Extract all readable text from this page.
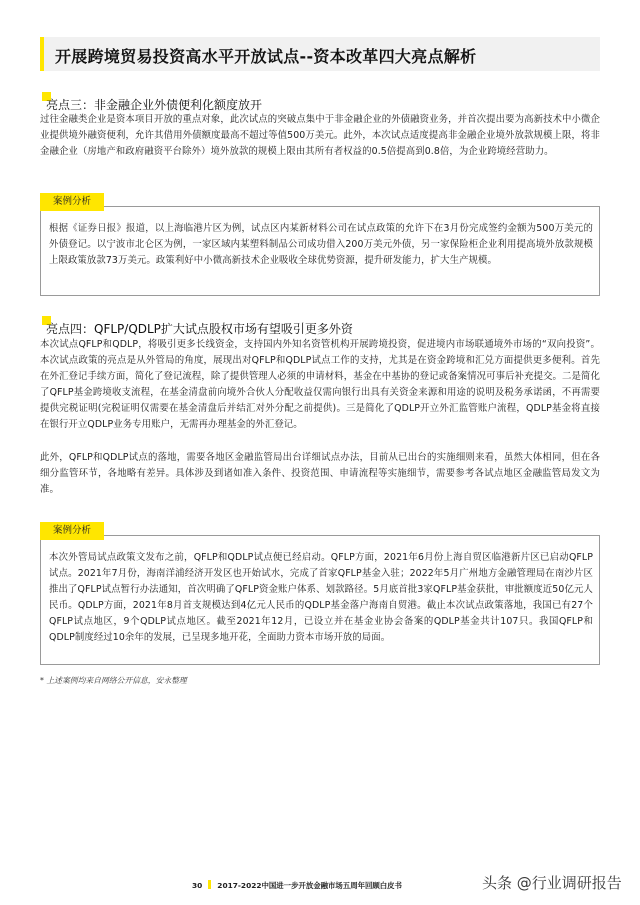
开展跨境贸易投资高水平开放试点--资本改革四大亮点解析
亮点三：非金融企业外债便利化额度放开

过往金融类企业是资本项目开放的重点对象，此次试点的突破点集中于非金融企业的外债融资业务，并首次提出要为高新技术中小微企业提供境外融资便利，允许其借用外债额度最高不超过等值500万美元。此外，本次试点适度提高非金融企业境外放款规模上限，将非金融企业（房地产和政府融资平台除外）境外放款的规模上限由其所有者权益的0.5倍提高到0.8倍，为企业跨境经营助力。

案例分析

根据《证券日报》报道，以上海临港片区为例，试点区内某新材料公司在试点政策的允许下在3月份完成签约金额为500万美元的外债登记。以宁波市北仑区为例，一家区域内某塑料制品公司成功借入200万美元外债，另一家保险柜企业利用提高境外放款规模上限政策放款73万美元。政策利好中小微高新技术企业吸收全球优势资源，提升研发能力，扩大生产规模。

亮点四：QFLP/QDLP扩大试点股权市场有望吸引更多外资

本次试点QFLP和QDLP，将吸引更多长线资金，支持国内外知名资管机构开展跨境投资，促进境内市场联通境外市场的“双向投资”。本次试点政策的亮点是从外管局的角度，展现出对QFLP和QDLP试点工作的支持，尤其是在资金跨境和汇兑方面提供更多便利。首先在外汇登记手续方面，简化了登记流程，除了提供管理人必须的申请材料，基金在中基协的登记或备案情况可事后补充提交。二是简化了QFLP基金跨境收支流程，在基金清盘前向境外合伙人分配收益仅需向银行出具有关资金来源和用途的说明及税务承诺函，不再需要提供完税证明(完税证明仅需要在基金清盘后并结汇对外分配之前提供)。三是简化了QDLP开立外汇监管账户流程，QDLP基金将直接在银行开立QDLP业务专用账户，无需再办理基金的外汇登记。

此外，QFLP和QDLP试点的落地，需要各地区金融监管局出台详细试点办法，目前从已出台的实施细则来看，虽然大体相同，但在各细分监管环节，各地略有差异。具体涉及到诸如准入条件、投资范围、申请流程等实施细节，需要参考各试点地区金融监管局发文为准。

案例分析

本次外管局试点政策文发布之前，QFLP和QDLP试点便已经启动。QFLP方面，2021年6月份上海自贸区临港新片区已启动QFLP试点。2021年7月份，海南洋浦经济开发区也开始试水，完成了首家QFLP基金入驻；2022年5月广州地方金融管理局在南沙片区推出了QFLP试点暂行办法通知，首次明确了QFLP资金账户体系、划款路径。5月底首批3家QFLP基金获批，审批额度近50亿元人民币。QDLP方面，2021年8月首支规模达到4亿元人民币的QDLP基金落户海南自贸港。截止本次试点政策落地，我国已有27个QFLP试点地区，9个QDLP试点地区。截至2021年12月，已设立并在基金业协会备案的QDLP基金共计107只。我国QFLP和QDLP制度经过10余年的发展，已呈现多地开花，全面助力资本市场开放的局面。

* 上述案例均来自网络公开信息，安永整理
30 2017-2022中国进一步开放金融市场五周年回顾白皮书	头条 @行业调研报告
